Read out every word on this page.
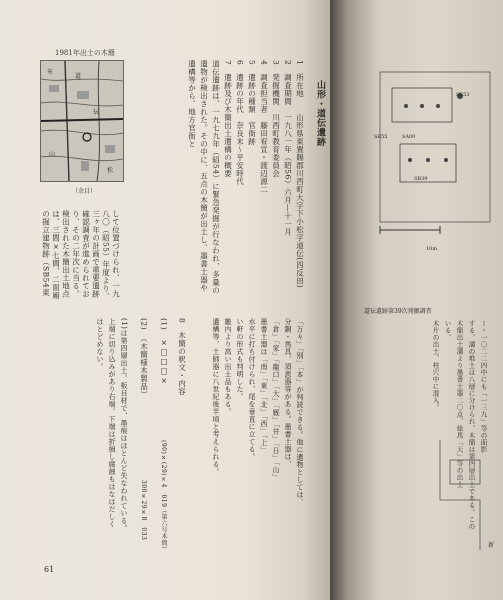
1981年出土の木簡
米
道
伝
松
山
（余目）
山形・道伝遺跡
1　所在地　　山形県東置賜郡川西町大字下小松字道伝(四反田)
2　調査期間　一九八一年（昭56）六月―十一月
3　発掘機関　川西町教育委員会
4　調査担当者　藤田宥宣・渡辺源二
5　遺跡の種類　官衙跡
6　遺跡の年代　奈良末～平安時代
7　遺跡及び木簡出土遺構の概要
道伝遺跡は、一九七九年（昭54）に緊急発掘が行なわれ、多量の
遺物が検出された。その中に、五点の木簡が出土し、墨書土器や
して位置づけられ、一九
八〇（昭55）年度より、
三ヶ年の計画で重要遺跡
確認調査が進められてお
り、その二年次に当る。
検出された木簡出土地点
は、三間×七間、二面廂
の掘立建物跡（SB54東
遺構等から、地方官衙と
「万々」「別」「本」が判読できる。他に遺物としては、
分銅・馬具、須恵器等がある。墨書土器は、
「倉」「家」「龍口」「大」「厩」「井」「日」「山」
墨書土器は「南」「東」「北」「西」「上」
水平に打ち付けられ、尾を垂直に立てる。
い軒の形式も判明した。
畿内より高い出土品もある。
遺構等、土師器に八世紀後半頃と考えられる。
8　木簡の釈文・内容
(1)　×□□□×
(2)　（木簡様木製品）
(1)は第四層出土。板目材で、墨痕はほとんど失なわれている。
上端に切り込みがあり右端、下端は折損し腐蝕もはなはだしく
はとどめない。
(90)×(29)×4　019（第六号木簡）
300×29×8　033
61
SE53
SB55	SA00
SB39
10m
道伝遺跡第39次発掘調査
ー・一〇二二四中にも「一三九」等の面影
する。溝の堆土は八層に分けられ、木簡は第四層出土である。この
木簡出土溝より墨書土器二〇点、絵馬「天」等の出土
いる。
木片の出土、柱穴中に混入。
新
